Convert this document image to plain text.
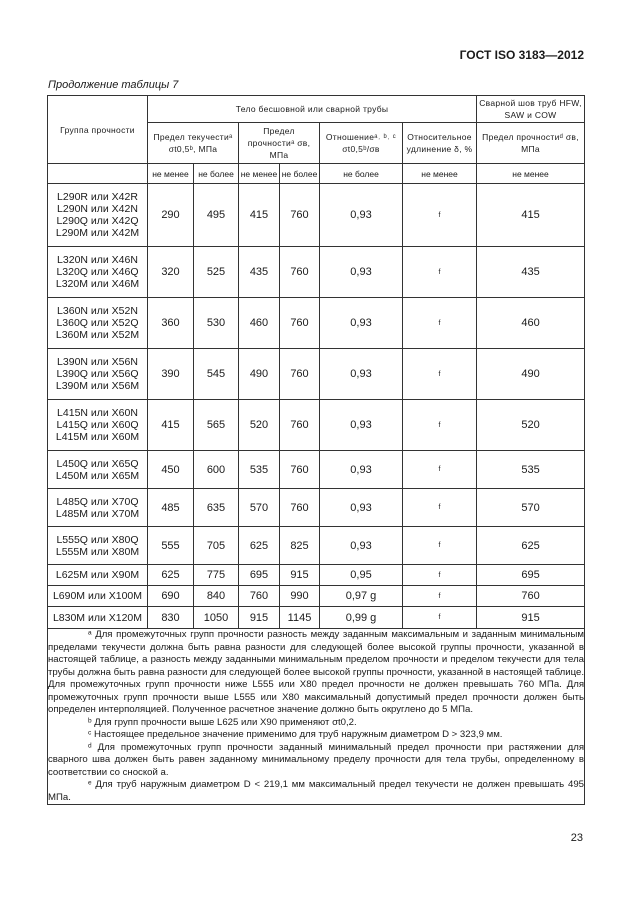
ГОСТ ISO 3183—2012
Продолжение таблицы 7
Группа прочности	Тело бесшовной или сварной трубы						Сварной шов труб HFW, SAW и COW
	Предел текучестиᵃ σt0,5ᵇ, МПа		Предел прочностиᵃ σв, МПа		Отношениеᵃ˒ ᵇ˒ ᶜ σt0,5ᵇ/σв	Относительное удлинение δ, %	Предел прочностиᵈ σв, МПа
	не менее	не более	не менее	не более	не более	не менее	не менее
L290R или X42R
L290N или X42N
L290Q или X42Q
L290M или X42M	290	495	415	760	0,93	f	415
L320N или X46N
L320Q или X46Q
L320M или X46M	320	525	435	760	0,93	f	435
L360N или X52N
L360Q или X52Q
L360M или X52M	360	530	460	760	0,93	f	460
L390N или X56N
L390Q или X56Q
L390M или X56M	390	545	490	760	0,93	f	490
L415N или X60N
L415Q или X60Q
L415M или X60M	415	565	520	760	0,93	f	520
L450Q или X65Q
L450M или X65M	450	600	535	760	0,93	f	535
L485Q или X70Q
L485M или X70M	485	635	570	760	0,93	f	570
L555Q или X80Q
L555M или X80M	555	705	625	825	0,93	f	625
L625M или X90M	625	775	695	915	0,95	f	695
L690M или X100M	690	840	760	990	0,97 g	f	760
L830M или X120M	830	1050	915	1145	0,99 g	f	915

ᵃ Для промежуточных групп прочности разность между заданным максимальным и заданным минимальным пределами текучести должна быть равна разности для следующей более высокой группы прочности, указанной в настоящей таблице, а разность между заданными минимальным пределом прочности и пределом текучести для тела трубы должна быть равна разности для следующей более высокой группы прочности, указанной в настоящей таблице. Для промежуточных групп прочности ниже L555 или X80 предел прочности не должен превышать 760 МПа. Для промежуточных групп прочности выше L555 или X80 максимальный допустимый предел прочности должен быть определен интерполяцией. Полученное расчетное значение должно быть округлено до 5 МПа.

ᵇ Для групп прочности выше L625 или X90 применяют σt0,2.

ᶜ Настоящее предельное значение применимо для труб наружным диаметром D > 323,9 мм.

ᵈ Для промежуточных групп прочности заданный минимальный предел прочности при растяжении для сварного шва должен быть равен заданному минимальному пределу прочности для тела трубы, определенному в соответствии со сноской a.

ᵉ Для труб наружным диаметром D < 219,1 мм максимальный предел текучести не должен превышать 495 МПа.							

23
